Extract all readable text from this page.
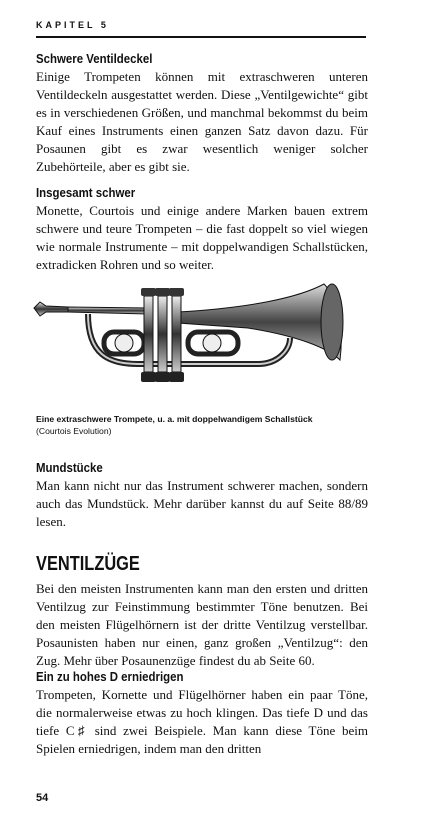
KAPITEL 5
Schwere Ventildeckel
Einige Trompeten können mit extraschweren unteren Ventildeckeln ausgestattet werden. Diese „Ventilgewichte“ gibt es in verschiedenen Größen, und manchmal bekommst du beim Kauf eines Instruments einen ganzen Satz davon dazu. Für Posaunen gibt es zwar wesentlich weniger solcher Zubehörteile, aber es gibt sie.
Insgesamt schwer
Monette, Courtois und einige andere Marken bauen extrem schwere und teure Trompeten – die fast doppelt so viel wiegen wie normale Instrumente – mit doppelwandigen Schallstücken, extradicken Rohren und so weiter.
Eine extraschwere Trompete, u. a. mit doppelwandigem Schallstück
(Courtois Evolution)
Mundstücke
Man kann nicht nur das Instrument schwerer machen, sondern auch das Mundstück. Mehr darüber kannst du auf Seite 88/89 lesen.
VENTILZÜGE
Bei den meisten Instrumenten kann man den ersten und dritten Ventilzug zur Feinstimmung bestimmter Töne benutzen. Bei den meisten Flügelhörnern ist der dritte Ventilzug verstellbar. Posaunisten haben nur einen, ganz großen „Ventilzug“: den Zug. Mehr über Posaunenzüge findest du ab Seite 60.
Ein zu hohes D erniedrigen
Trompeten, Kornette und Flügelhörner haben ein paar Töne, die normalerweise etwas zu hoch klingen. Das tiefe D und das tiefe C♯ sind zwei Beispiele. Man kann diese Töne beim Spielen erniedrigen, indem man den dritten
54
